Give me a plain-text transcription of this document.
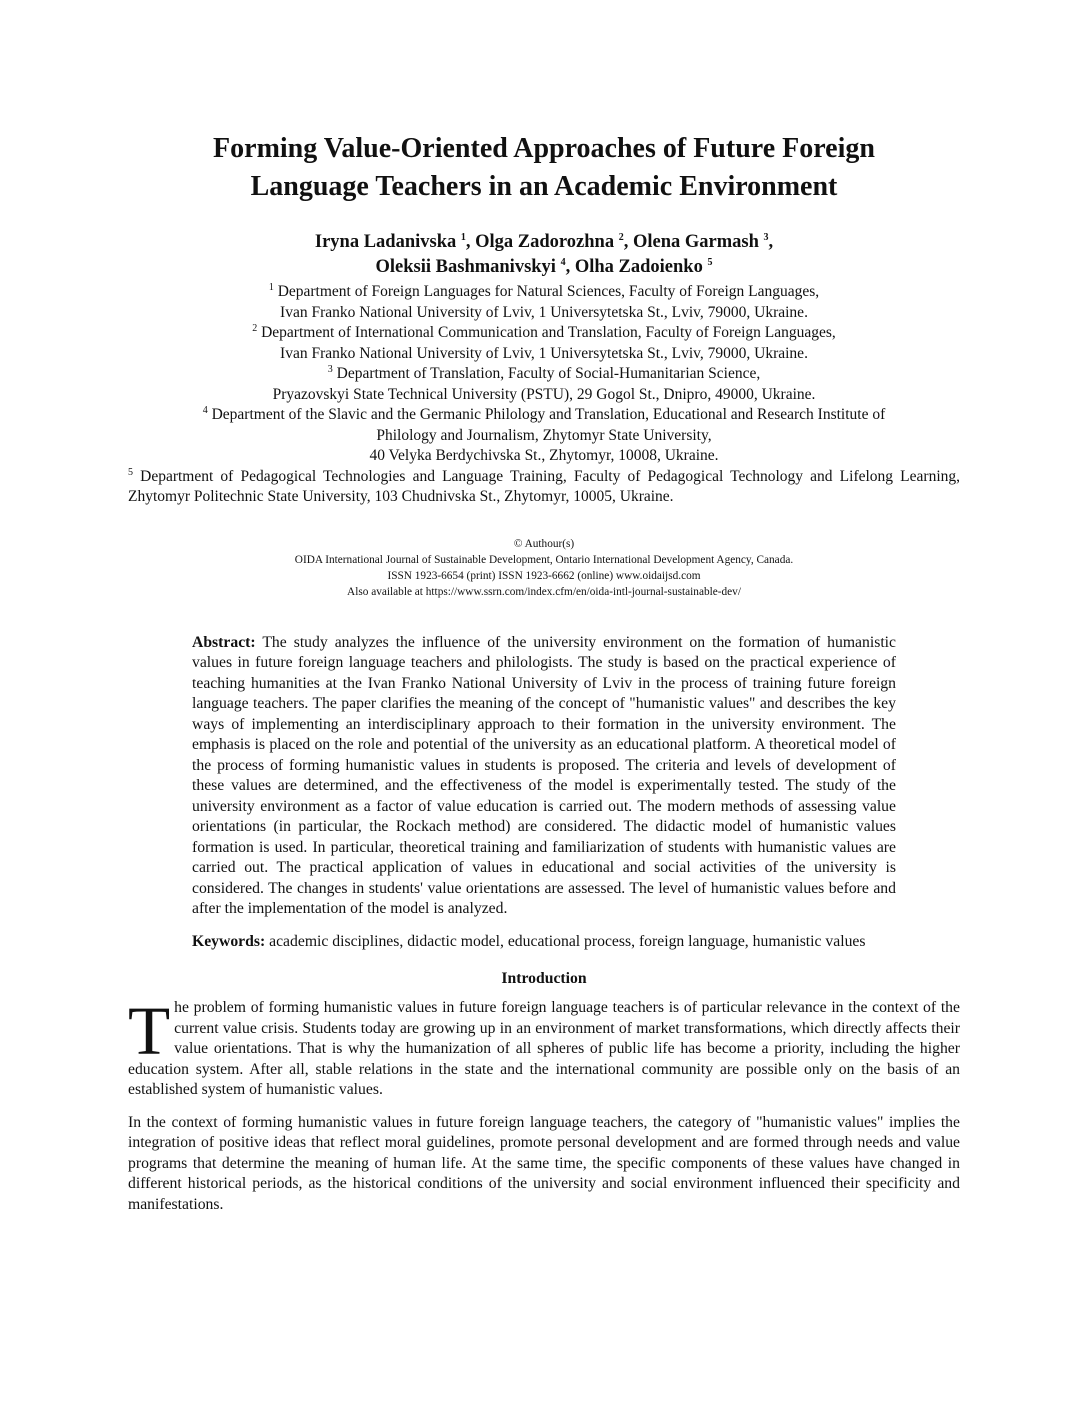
Forming Value-Oriented Approaches of Future Foreign
Language Teachers in an Academic Environment
Iryna Ladanivska $^1$, Olga Zadorozhna $^2$, Olena Garmash $^3$,
Oleksii Bashmanivskyi $^4$, Olha Zadoienko $^5$
$^1$ Department of Foreign Languages for Natural Sciences, Faculty of Foreign Languages,
Ivan Franko National University of Lviv, 1 Universytetska St., Lviv, 79000, Ukraine.
$^2$ Department of International Communication and Translation, Faculty of Foreign Languages,
Ivan Franko National University of Lviv, 1 Universytetska St., Lviv, 79000, Ukraine.
$^3$ Department of Translation, Faculty of Social-Humanitarian Science,
Pryazovskyi State Technical University (PSTU), 29 Gogol St., Dnipro, 49000, Ukraine.
$^4$ Department of the Slavic and the Germanic Philology and Translation, Educational and Research Institute of
Philology and Journalism, Zhytomyr State University,
40 Velyka Berdychivska St., Zhytomyr, 10008, Ukraine.
$^5$ Department of Pedagogical Technologies and Language Training, Faculty of Pedagogical Technology and Lifelong Learning, Zhytomyr Politechnic State University, 103 Chudnivska St., Zhytomyr, 10005, Ukraine.
© Authour(s)
OIDA International Journal of Sustainable Development, Ontario International Development Agency, Canada.
ISSN 1923-6654 (print) ISSN 1923-6662 (online) www.oidaijsd.com
Also available at https://www.ssrn.com/index.cfm/en/oida-intl-journal-sustainable-dev/
Abstract: The study analyzes the influence of the university environment on the formation of humanistic values in future foreign language teachers and philologists. The study is based on the practical experience of teaching humanities at the Ivan Franko National University of Lviv in the process of training future foreign language teachers. The paper clarifies the meaning of the concept of "humanistic values" and describes the key ways of implementing an interdisciplinary approach to their formation in the university environment. The emphasis is placed on the role and potential of the university as an educational platform. A theoretical model of the process of forming humanistic values in students is proposed. The criteria and levels of development of these values are determined, and the effectiveness of the model is experimentally tested. The study of the university environment as a factor of value education is carried out. The modern methods of assessing value orientations (in particular, the Rockach method) are considered. The didactic model of humanistic values formation is used. In particular, theoretical training and familiarization of students with humanistic values are carried out. The practical application of values in educational and social activities of the university is considered. The changes in students' value orientations are assessed. The level of humanistic values before and after the implementation of the model is analyzed.
Keywords: academic disciplines, didactic model, educational process, foreign language, humanistic values
Introduction
The problem of forming humanistic values in future foreign language teachers is of particular relevance in the context of the current value crisis. Students today are growing up in an environment of market transformations, which directly affects their value orientations. That is why the humanization of all spheres of public life has become a priority, including the higher education system. After all, stable relations in the state and the international community are possible only on the basis of an established system of humanistic values.
In the context of forming humanistic values in future foreign language teachers, the category of "humanistic values" implies the integration of positive ideas that reflect moral guidelines, promote personal development and are formed through needs and value programs that determine the meaning of human life. At the same time, the specific components of these values have changed in different historical periods, as the historical conditions of the university and social environment influenced their specificity and manifestations.
